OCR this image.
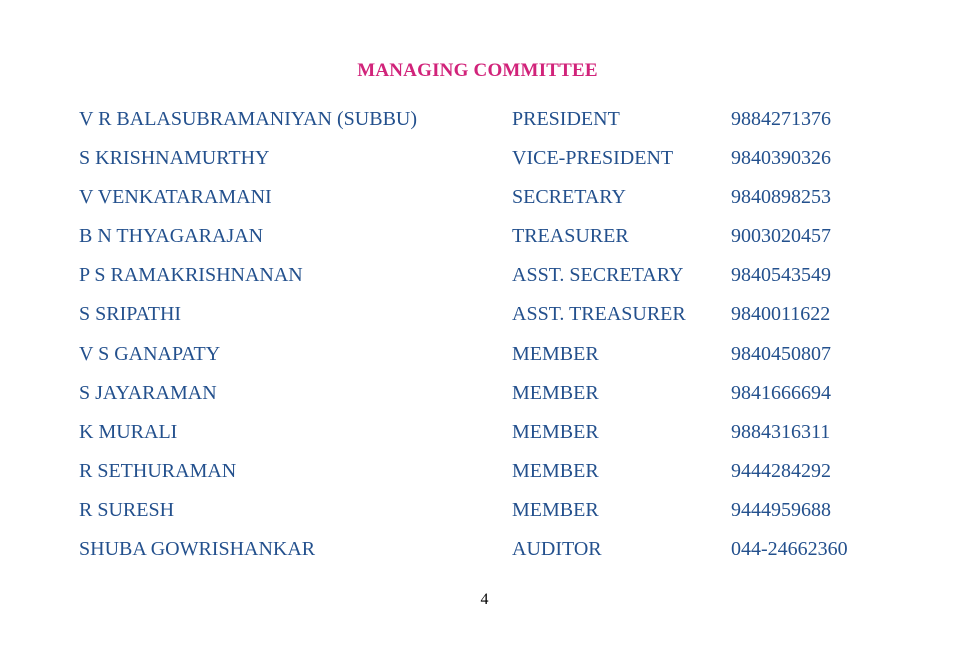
MANAGING COMMITTEE
V R BALASUBRAMANIYAN (SUBBU)	PRESIDENT	9884271376
S KRISHNAMURTHY	VICE-PRESIDENT	9840390326
V VENKATARAMANI	SECRETARY	9840898253
B N THYAGARAJAN	TREASURER	9003020457
P S RAMAKRISHNANAN	ASST. SECRETARY 9840543549
S SRIPATHI	ASST. TREASURER 9840011622
V S GANAPATY	MEMBER	9840450807
S JAYARAMAN	MEMBER	9841666694
K MURALI	MEMBER	9884316311
R SETHURAMAN	MEMBER	9444284292
R SURESH	MEMBER	9444959688
SHUBA GOWRISHANKAR	AUDITOR	044-24662360
4
